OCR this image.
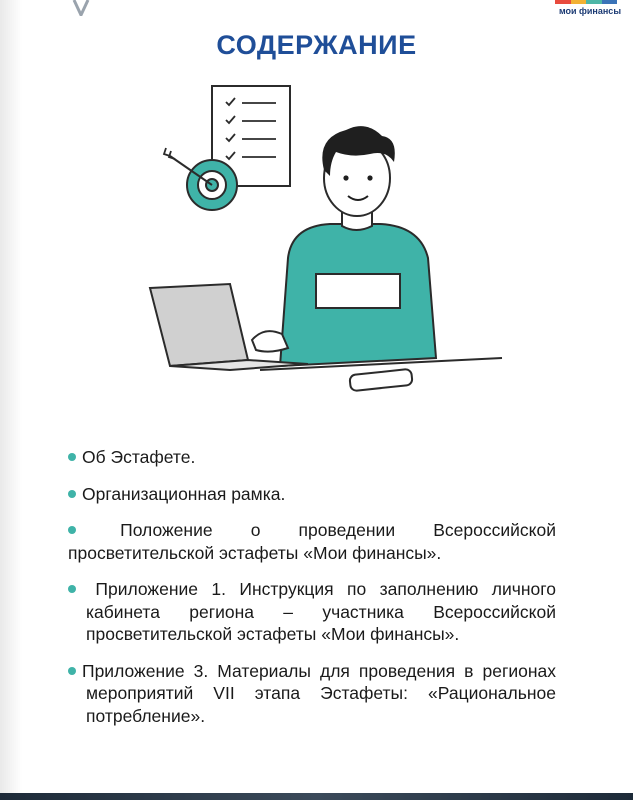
мои финансы
СОДЕРЖАНИЕ
Об Эстафете.
Организационная рамка.
Положение о проведении Всероссийской просветительской эстафеты «Мои финансы».
Приложение 1. Инструкция по заполнению личного кабинета региона – участника Всероссийской просветительской эстафеты «Мои финансы».
Приложение 3. Материалы для проведения в регионах мероприятий VII этапа Эстафеты: «Рациональное потребление».
